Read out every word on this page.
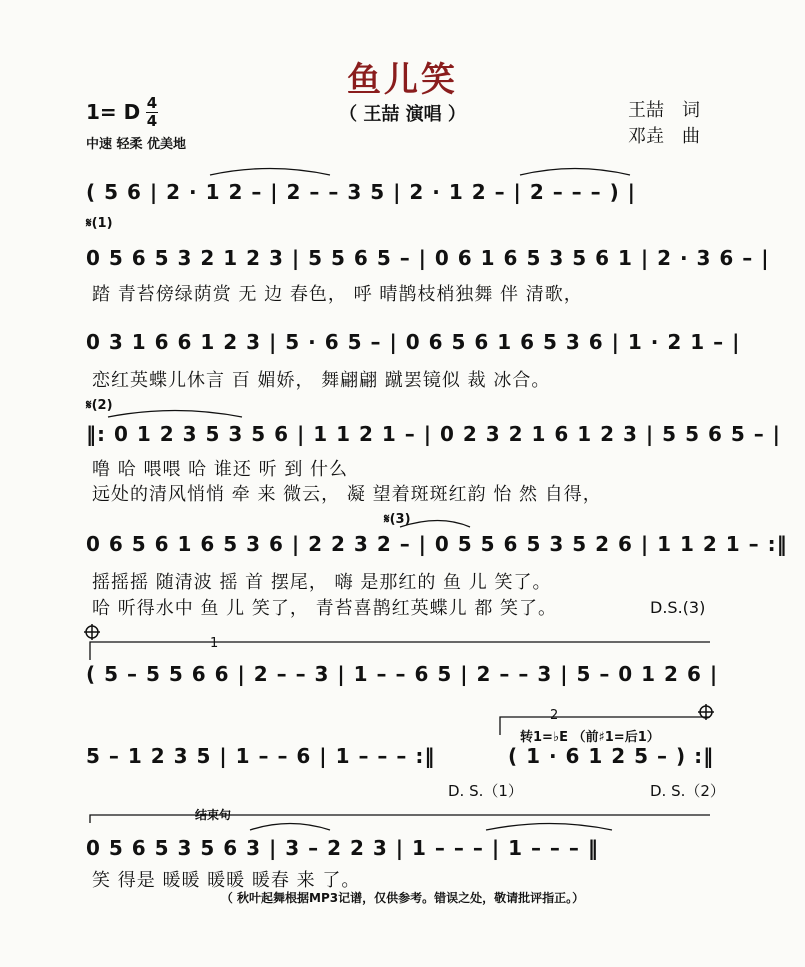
鱼儿笑
（ 王喆 演唱 ）
1= D 4
4
中速 轻柔 优美地
王喆　词
邓垚　曲
( 5 6 | 2 · 1 2 – | 2 – – 3 5 | 2 · 1 2 – | 2 – – – ) |
𝄋(1)
0 5 6 5 3 2 1 2 3 | 5 5 6 5 – | 0 6 1 6 5 3 5 6 1 | 2 · 3 6 – |
踏 青苔傍绿荫赏 无 边 春色， 呼 晴鹊枝梢独舞 伴 清歌，
0 3 1 6 6 1 2 3 | 5 · 6 5 – | 0 6 5 6 1 6 5 3 6 | 1 · 2 1 – |
恋红英蝶儿休言 百 媚娇， 舞翩翩 蹴罢镜似 裁 冰合。
𝄋(2)
‖: 0 1 2 3 5 3 5 6 | 1 1 2 1 – | 0 2 3 2 1 6 1 2 3 | 5 5 6 5 – |
噜 哈 喂喂 哈 谁还 听 到 什么
远处的清风悄悄 牵 来 微云， 凝 望着斑斑红韵 怡 然 自得，
𝄋(3)
0 6 5 6 1 6 5 3 6 | 2 2 3 2 – | 0 5 5 6 5 3 5 2 6 | 1 1 2 1 – :‖
摇摇摇 随清波 摇 首 摆尾， 嗨 是那红的 鱼 儿 笑了。
哈 听得水中 鱼 儿 笑了， 青苔喜鹊红英蝶儿 都 笑了。	D.S.(3)
1
( 5 – 5 5 6 6 | 2 – – 3 | 1 – – 6 5 | 2 – – 3 | 5 – 0 1 2 6 |
2
转1=♭E （前♯1=后1）
5 – 1 2 3 5 | 1 – – 6 | 1 – – – :‖	( 1 · 6 1 2 5 – ) :‖
D. S.（1）	D. S.（2）
结束句
0 5 6 5 3 5 6 3 | 3 – 2 2 3 | 1 – – – | 1 – – – ‖
笑 得是 暖暖 暖暖 暖春 来 了。
（ 秋叶起舞根据MP3记谱，仅供参考。错误之处，敬请批评指正。）
